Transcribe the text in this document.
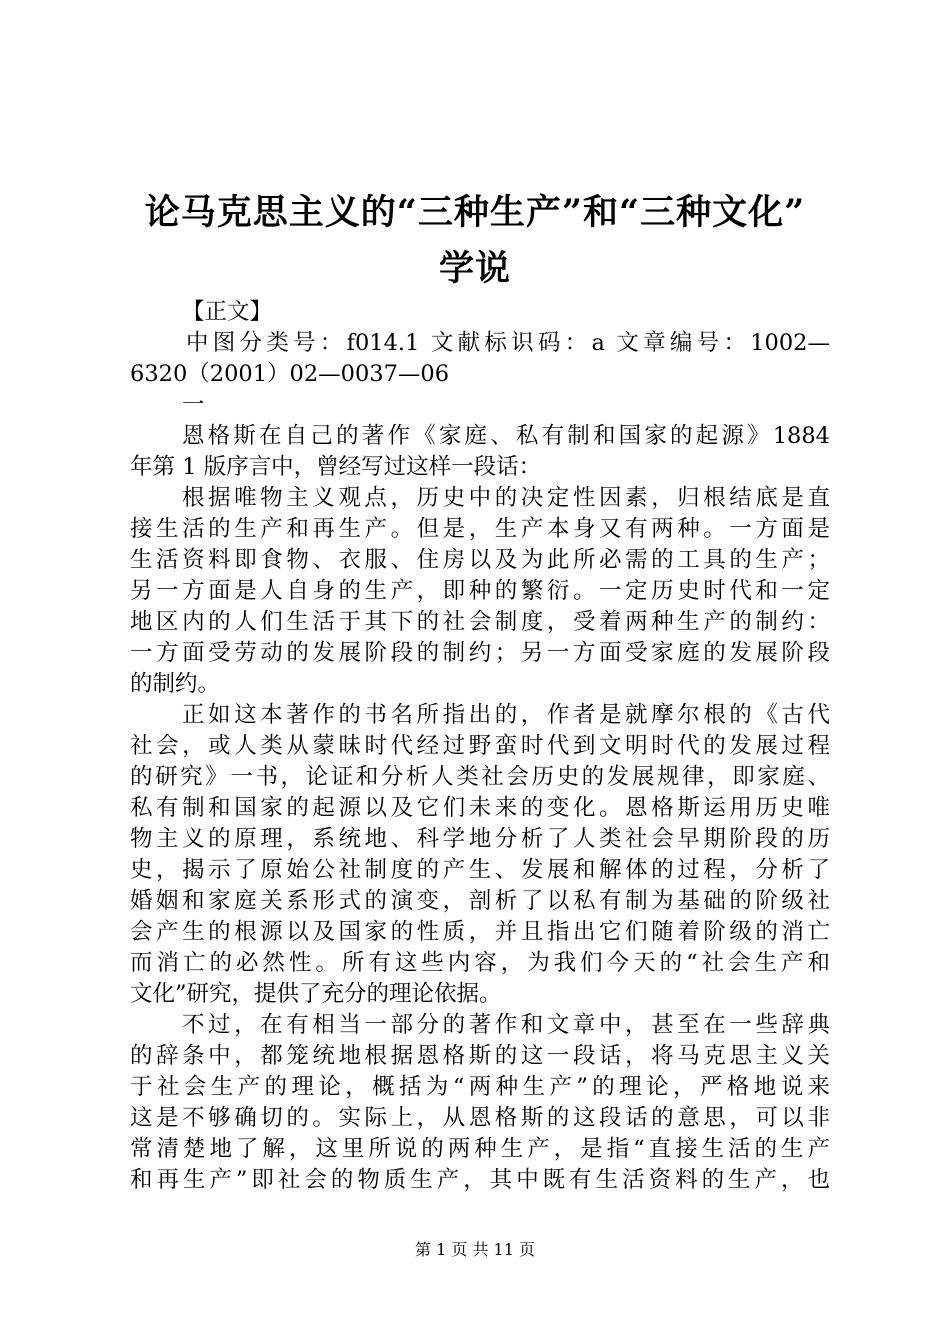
论马克思主义的“三种生产”和“三种文化”
学说
【正文】
中图分类号：f014.1 文献标识码：a 文章编号：1002—
6320（2001）02—0037—06
一
恩格斯在自己的著作《家庭、私有制和国家的起源》1884
年第 1 版序言中，曾经写过这样一段话：
根据唯物主义观点，历史中的决定性因素，归根结底是直
接生活的生产和再生产。但是，生产本身又有两种。一方面是
生活资料即食物、衣服、住房以及为此所必需的工具的生产；
另一方面是人自身的生产，即种的繁衍。一定历史时代和一定
地区内的人们生活于其下的社会制度，受着两种生产的制约：
一方面受劳动的发展阶段的制约；另一方面受家庭的发展阶段
的制约。
正如这本著作的书名所指出的，作者是就摩尔根的《古代
社会，或人类从蒙昧时代经过野蛮时代到文明时代的发展过程
的研究》一书，论证和分析人类社会历史的发展规律，即家庭、
私有制和国家的起源以及它们未来的变化。恩格斯运用历史唯
物主义的原理，系统地、科学地分析了人类社会早期阶段的历
史，揭示了原始公社制度的产生、发展和解体的过程，分析了
婚姻和家庭关系形式的演变，剖析了以私有制为基础的阶级社
会产生的根源以及国家的性质，并且指出它们随着阶级的消亡
而消亡的必然性。所有这些内容，为我们今天的“社会生产和
文化”研究，提供了充分的理论依据。
不过，在有相当一部分的著作和文章中，甚至在一些辞典
的辞条中，都笼统地根据恩格斯的这一段话，将马克思主义关
于社会生产的理论，概括为“两种生产”的理论，严格地说来
这是不够确切的。实际上，从恩格斯的这段话的意思，可以非
常清楚地了解，这里所说的两种生产，是指“直接生活的生产
和再生产”即社会的物质生产，其中既有生活资料的生产，也
第 1 页 共 11 页
